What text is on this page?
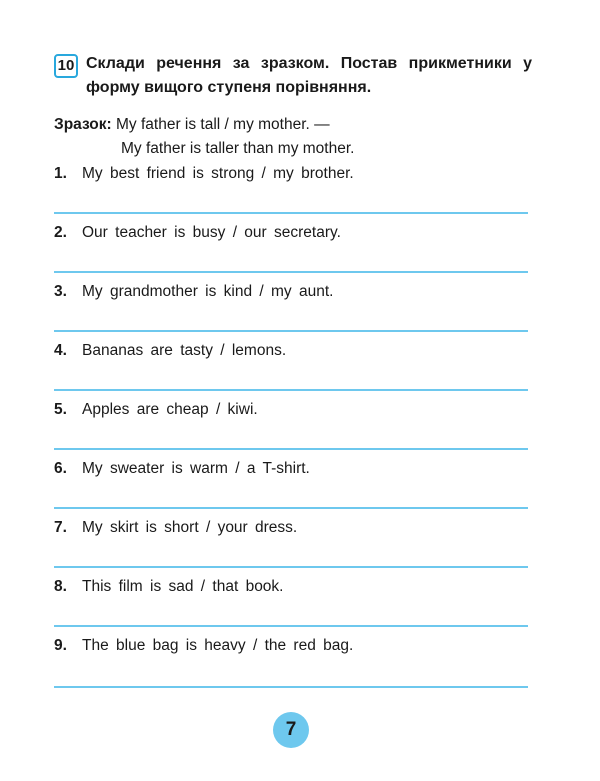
10 Склади речення за зразком. Постав прикметники у форму вищого ступеня порівняння.
Зразок: My father is tall / my mother. —
My father is taller than my mother.
1. My best friend is strong / my brother.
2. Our teacher is busy / our secretary.
3. My grandmother is kind / my aunt.
4. Bananas are tasty / lemons.
5. Apples are cheap / kiwi.
6. My sweater is warm / a T-shirt.
7. My skirt is short / your dress.
8. This film is sad / that book.
9. The blue bag is heavy / the red bag.
7
